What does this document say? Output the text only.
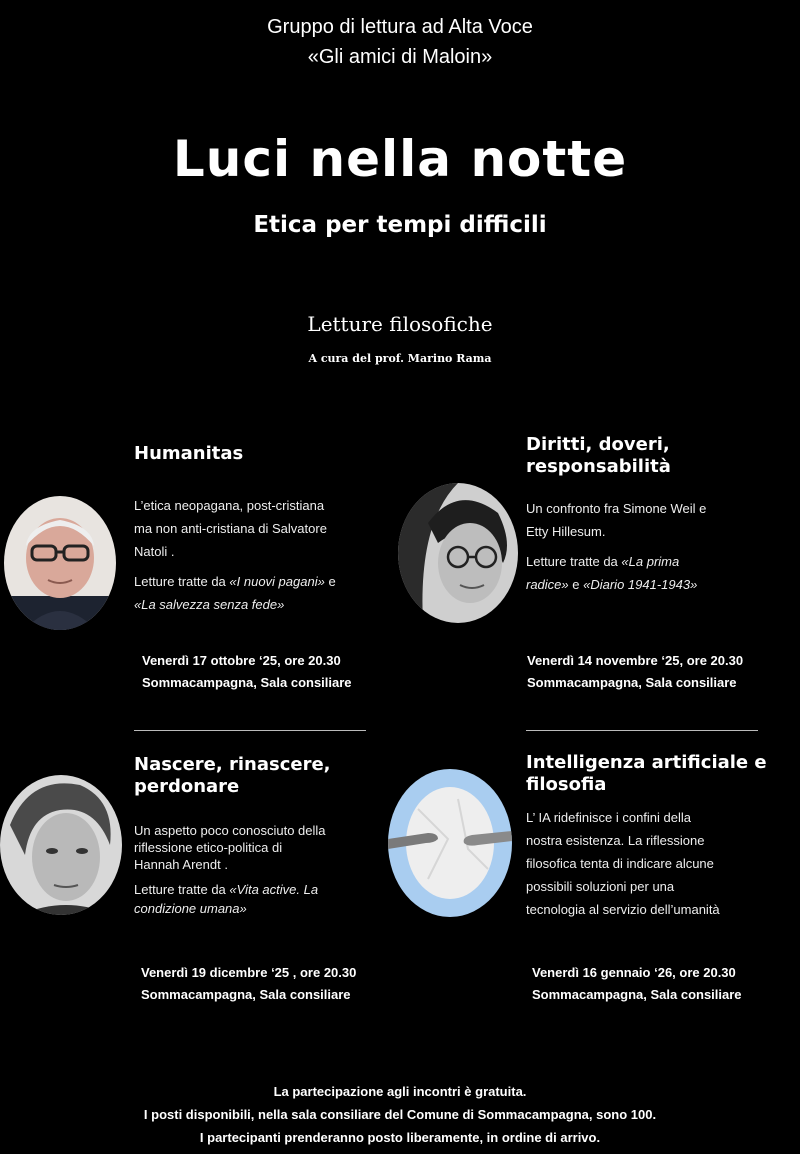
Gruppo di lettura ad Alta Voce
«Gli amici di Maloin»
Luci nella notte
Etica per tempi difficili
Letture filosofiche
A cura del prof. Marino Rama
Humanitas
L’etica neopagana, post-cristiana
ma non anti-cristiana di Salvatore
Natoli .
Letture tratte da «I nuovi pagani» e
«La salvezza senza fede»
Venerdì 17 ottobre ‘25, ore 20.30
Sommacampagna, Sala consiliare
Diritti, doveri,
responsabilità
Un confronto fra Simone Weil e
Etty Hillesum.
Letture tratte da «La prima
radice» e «Diario 1941-1943»
Venerdì 14 novembre ‘25, ore 20.30
Sommacampagna, Sala consiliare
Nascere, rinascere,
perdonare
Un aspetto poco conosciuto della
riflessione etico-politica di
Hannah Arendt .
Letture tratte da «Vita active. La
condizione umana»
Venerdì 19 dicembre ‘25 , ore 20.30
Sommacampagna, Sala consiliare
Intelligenza artificiale e
filosofia
L’ IA ridefinisce i confini della
nostra esistenza. La riflessione
filosofica tenta di indicare alcune
possibili soluzioni per una
tecnologia al servizio dell’umanità
Venerdì 16 gennaio ‘26, ore 20.30
Sommacampagna, Sala consiliare
La partecipazione agli incontri è gratuita.
I posti disponibili, nella sala consiliare del Comune di Sommacampagna, sono 100.
I partecipanti prenderanno posto liberamente, in ordine di arrivo.
